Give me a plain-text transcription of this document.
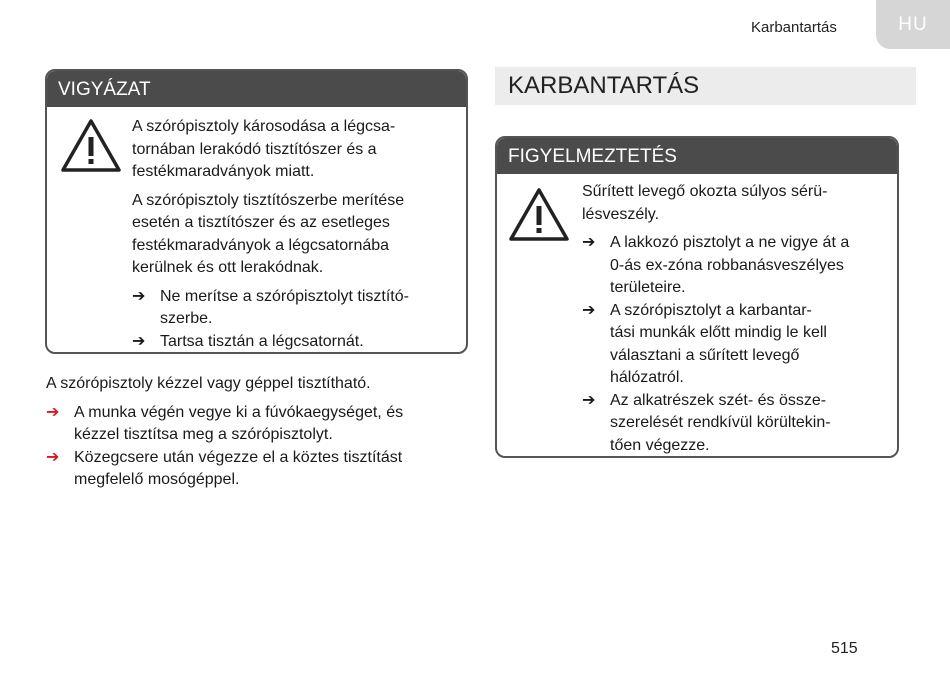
Karbantartás	HU
VIGYÁZAT

A szórópisztoly károsodása a légcsa-
tornában lerakódó tisztítószer és a
festékmaradványok miatt.

A szórópisztoly tisztítószerbe merítése
esetén a tisztítószer és az esetleges
festékmaradványok a légcsatornába
kerülnek és ott lerakódnak.

➔ Ne merítse a szórópisztolyt tisztító-
szerbe.
➔ Tartsa tisztán a légcsatornát.

A szórópisztoly kézzel vagy géppel tisztítható.

➔ A munka végén vegye ki a fúvókaegységet, és
kézzel tisztítsa meg a szórópisztolyt.
➔ Közegcsere után végezze el a köztes tisztítást
megfelelő mosógéppel.
KARBANTARTÁS
FIGYELMEZTETÉS

Sűrített levegő okozta súlyos sérü-
lésveszély.

➔ A lakkozó pisztolyt a ne vigye át a
0-ás ex-zóna robbanásveszélyes
területeire.
➔ A szórópisztolyt a karbantar-
tási munkák előtt mindig le kell
választani a sűrített levegő
hálózatról.
➔ Az alkatrészek szét- és össze-
szerelését rendkívül körültekin-
tően végezze.
515
